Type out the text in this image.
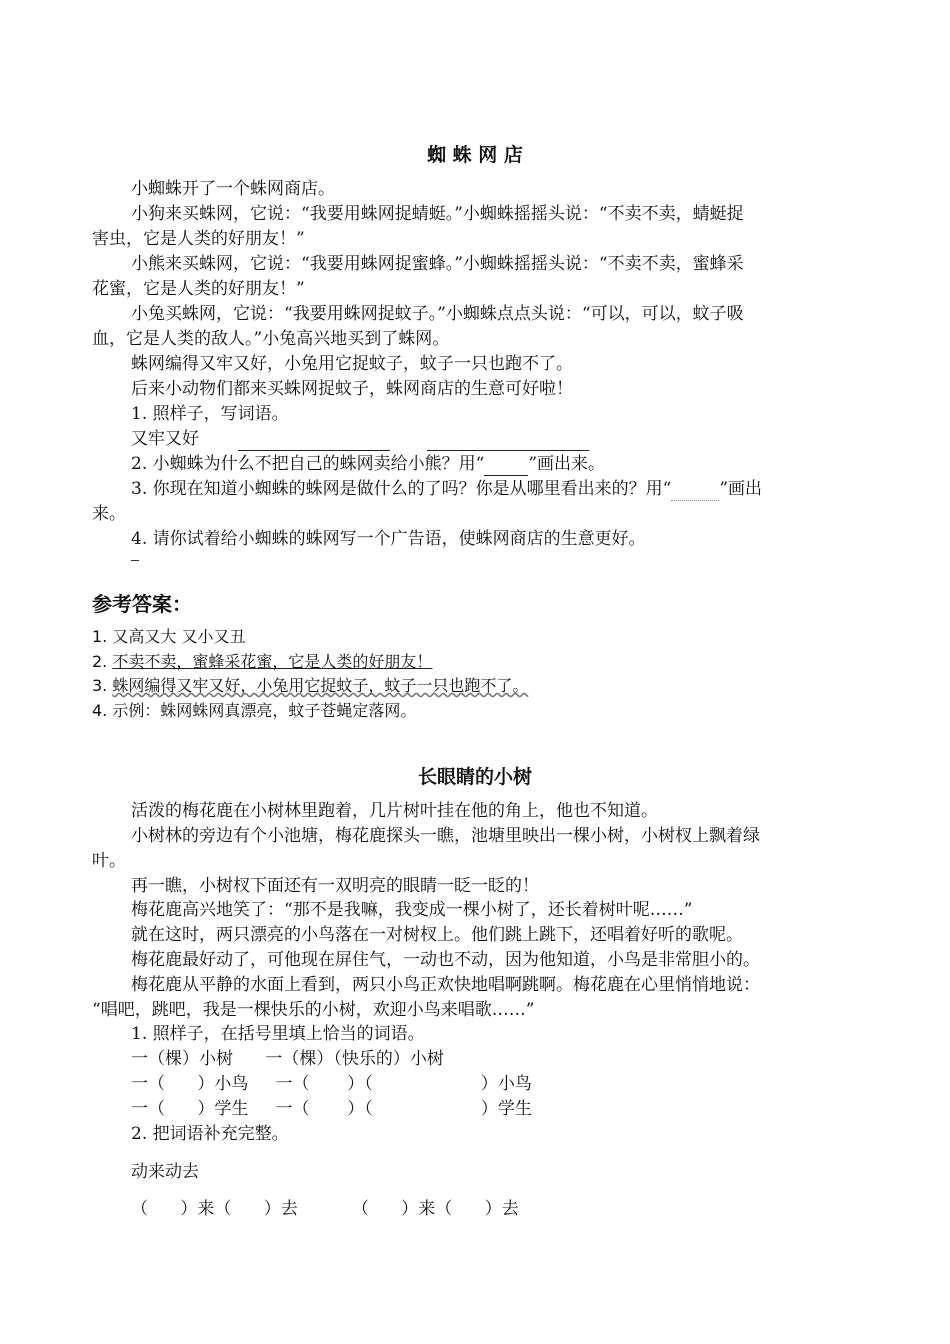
蜘 蛛 网 店
小蜘蛛开了一个蛛网商店。
小狗来买蛛网，它说：“我要用蛛网捉蜻蜓。”小蜘蛛摇摇头说：“不卖不卖，蜻蜓捉
害虫，它是人类的好朋友！”
小熊来买蛛网，它说：“我要用蛛网捉蜜蜂。”小蜘蛛摇摇头说：“不卖不卖，蜜蜂采
花蜜，它是人类的好朋友！”
小兔买蛛网，它说：“我要用蛛网捉蚊子。”小蜘蛛点点头说：“可以，可以，蚊子吸
血，它是人类的敌人。”小兔高兴地买到了蛛网。
蛛网编得又牢又好，小兔用它捉蚊子，蚊子一只也跑不了。
后来小动物们都来买蛛网捉蚊子，蛛网商店的生意可好啦！
1. 照样子，写词语。
又牢又好
2. 小蜘蛛为什么不把自己的蛛网卖给小熊？用“	”画出来。
3. 你现在知道小蜘蛛的蛛网是做什么的了吗？你是从哪里看出来的？用“	”画出
来。
4. 请你试着给小蜘蛛的蛛网写一个广告语，使蛛网商店的生意更好。
参考答案：
1. 又高又大 又小又丑
2. 不卖不卖，蜜蜂采花蜜，它是人类的好朋友！
3. 蛛网编得又牢又好，小兔用它捉蚊子，蚊子一只也跑不了。
4. 示例：蛛网蛛网真漂亮，蚊子苍蝇定落网。
长眼睛的小树
活泼的梅花鹿在小树林里跑着，几片树叶挂在他的角上，他也不知道。
小树林的旁边有个小池塘，梅花鹿探头一瞧，池塘里映出一棵小树，小树杈上飘着绿
叶。
再一瞧，小树杈下面还有一双明亮的眼睛一眨一眨的！
梅花鹿高兴地笑了：“那不是我嘛，我变成一棵小树了，还长着树叶呢……”
就在这时，两只漂亮的小鸟落在一对树杈上。他们跳上跳下，还唱着好听的歌呢。
梅花鹿最好动了，可他现在屏住气，一动也不动，因为他知道，小鸟是非常胆小的。
梅花鹿从平静的水面上看到，两只小鸟正欢快地唱啊跳啊。梅花鹿在心里悄悄地说：
“唱吧，跳吧，我是一棵快乐的小树，欢迎小鸟来唱歌……”
1. 照样子，在括号里填上恰当的词语。
一（棵）小树      一（棵）（快乐的）小树
一（      ）小鸟     一（       ）（                    ）小鸟
一（      ）学生     一（       ）（                    ）学生
2. 把词语补充完整。
动来动去
（      ）来（      ）去          （      ）来（      ）去
